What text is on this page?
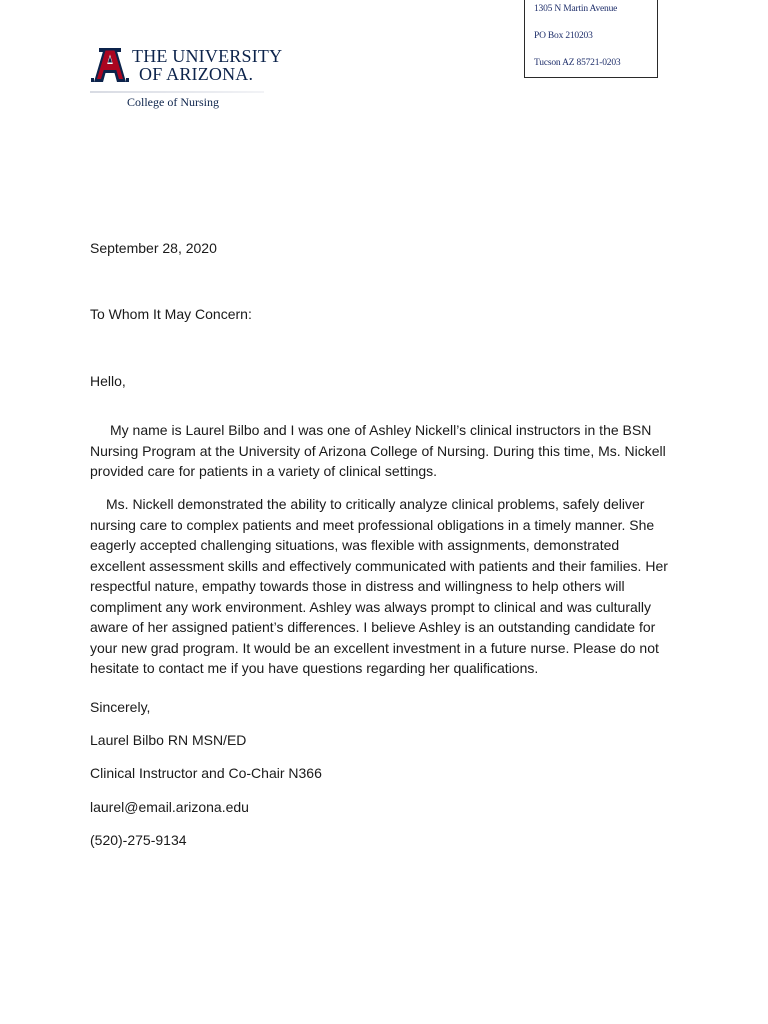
1305 N Martin Avenue
PO Box 210203
Tucson AZ 85721-0203
THE UNIVERSITY
OF ARIZONA.
College of Nursing
September 28, 2020
To Whom It May Concern:
Hello,

My name is Laurel Bilbo and I was one of Ashley Nickell’s clinical instructors in the BSN Nursing Program at the University of Arizona College of Nursing. During this time, Ms. Nickell provided care for patients in a variety of clinical settings.

Ms. Nickell demonstrated the ability to critically analyze clinical problems, safely deliver nursing care to complex patients and meet professional obligations in a timely manner. She eagerly accepted challenging situations, was flexible with assignments, demonstrated excellent assessment skills and effectively communicated with patients and their families. Her respectful nature, empathy towards those in distress and willingness to help others will compliment any work environment. Ashley was always prompt to clinical and was culturally aware of her assigned patient’s differences. I believe Ashley is an outstanding candidate for your new grad program. It would be an excellent investment in a future nurse. Please do not hesitate to contact me if you have questions regarding her qualifications.

Sincerely,
Laurel Bilbo RN MSN/ED
Clinical Instructor and Co-Chair N366
laurel@email.arizona.edu
(520)-275-9134
